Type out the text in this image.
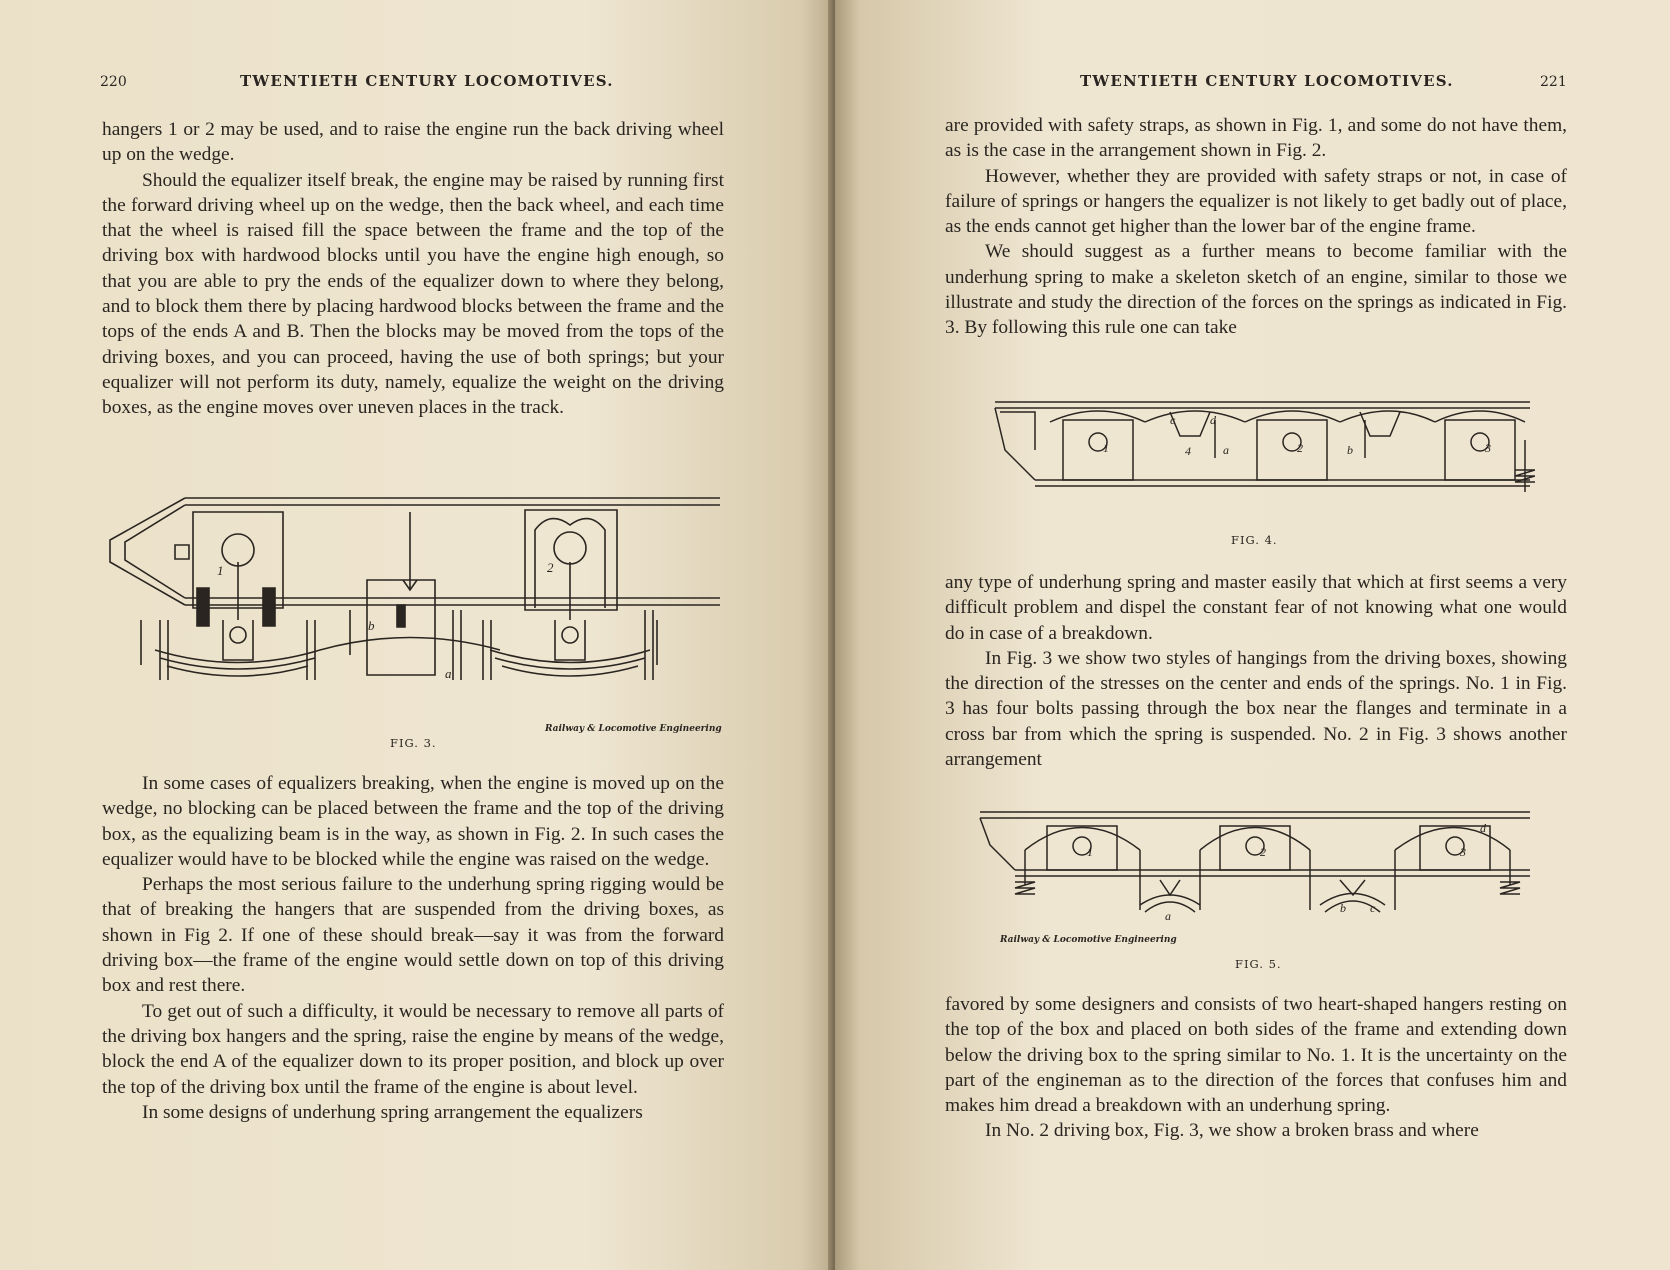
220	TWENTIETH CENTURY LOCOMOTIVES.

hangers 1 or 2 may be used, and to raise the engine run the back driving wheel up on the wedge.

Should the equalizer itself break, the engine may be raised by running first the forward driving wheel up on the wedge, then the back wheel, and each time that the wheel is raised fill the space between the frame and the top of the driving box with hardwood blocks until you have the engine high enough, so that you are able to pry the ends of the equalizer down to where they belong, and to block them there by placing hardwood blocks between the frame and the tops of the ends A and B. Then the blocks may be moved from the tops of the driving boxes, and you can proceed, having the use of both springs; but your equalizer will not perform its duty, namely, equalize the weight on the driving boxes, as the engine moves over uneven places in the track.

1	2
a
b
FIG. 3.
Railway & Locomotive Engineering

In some cases of equalizers breaking, when the engine is moved up on the wedge, no blocking can be placed between the frame and the top of the driving box, as the equalizing beam is in the way, as shown in Fig. 2. In such cases the equalizer would have to be blocked while the engine was raised on the wedge.

Perhaps the most serious failure to the underhung spring rigging would be that of breaking the hangers that are suspended from the driving boxes, as shown in Fig 2. If one of these should break—say it was from the forward driving box—the frame of the engine would settle down on top of this driving box and rest there.

To get out of such a difficulty, it would be necessary to remove all parts of the driving box hangers and the spring, raise the engine by means of the wedge, block the end A of the equalizer down to its proper position, and block up over the top of the driving box until the frame of the engine is about level.

In some designs of underhung spring arrangement the equalizers

TWENTIETH CENTURY LOCOMOTIVES.	221

are provided with safety straps, as shown in Fig. 1, and some do not have them, as is the case in the arrangement shown in Fig. 2.

However, whether they are provided with safety straps or not, in case of failure of springs or hangers the equalizer is not likely to get badly out of place, as the ends cannot get higher than the lower bar of the engine frame.

We should suggest as a further means to become familiar with the underhung spring to make a skeleton sketch of an engine, similar to those we illustrate and study the direction of the forces on the springs as indicated in Fig. 3. By following this rule one can take

1	2	3
4	a	b
c	d
FIG. 4.

any type of underhung spring and master easily that which at first seems a very difficult problem and dispel the constant fear of not knowing what one would do in case of a breakdown.

In Fig. 3 we show two styles of hangings from the driving boxes, showing the direction of the stresses on the center and ends of the springs. No. 1 in Fig. 3 has four bolts passing through the box near the flanges and terminate in a cross bar from which the spring is suspended. No. 2 in Fig. 3 shows another arrangement

1	2	3
a
b c
d
Railway & Locomotive Engineering
FIG. 5.

favored by some designers and consists of two heart-shaped hangers resting on the top of the box and placed on both sides of the frame and extending down below the driving box to the spring similar to No. 1. It is the uncertainty on the part of the engineman as to the direction of the forces that confuses him and makes him dread a breakdown with an underhung spring.

In No. 2 driving box, Fig. 3, we show a broken brass and where
